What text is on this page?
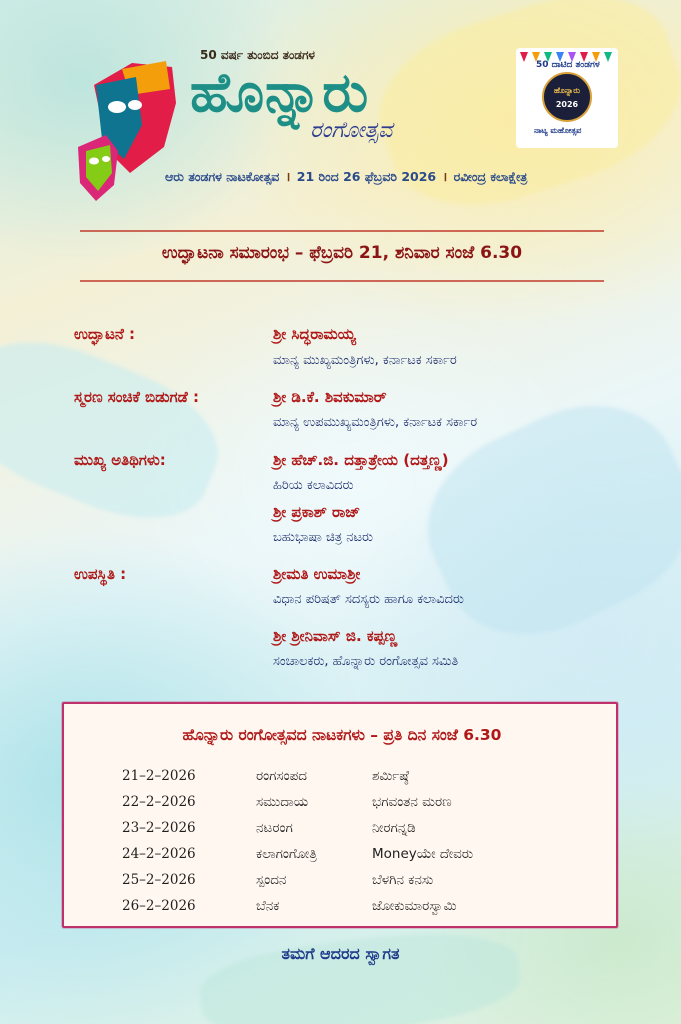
50 ವರ್ಷ ತುಂಬಿದ ತಂಡಗಳ
ಹೊನ್ನಾರು
ರಂಗೋತ್ಸವ
ಆರು ತಂಡಗಳ ನಾಟಕೋತ್ಸವ । 21 ರಿಂದ 26 ಫೆಬ್ರವರಿ 2026 । ರವೀಂದ್ರ ಕಲಾಕ್ಷೇತ್ರ
50 ದಾಟಿದ ತಂಡಗಳ
ಹೊನ್ನಾರು
2026
ನಾಟ್ಯ ಮಹೋತ್ಸವ
ಉದ್ಘಾಟನಾ ಸಮಾರಂಭ – ಫೆಬ್ರವರಿ 21, ಶನಿವಾರ ಸಂಜೆ 6.30
ಉದ್ಘಾಟನೆ :	ಶ್ರೀ ಸಿದ್ಧರಾಮಯ್ಯ
ಮಾನ್ಯ ಮುಖ್ಯಮಂತ್ರಿಗಳು, ಕರ್ನಾಟಕ ಸರ್ಕಾರ
ಸ್ಮರಣ ಸಂಚಿಕೆ ಬಿಡುಗಡೆ :	ಶ್ರೀ ಡಿ.ಕೆ. ಶಿವಕುಮಾರ್
ಮಾನ್ಯ ಉಪಮುಖ್ಯಮಂತ್ರಿಗಳು, ಕರ್ನಾಟಕ ಸರ್ಕಾರ
ಮುಖ್ಯ ಅತಿಥಿಗಳು:	ಶ್ರೀ ಹೆಚ್.ಜಿ. ದತ್ತಾತ್ರೇಯ (ದತ್ತಣ್ಣ)
ಹಿರಿಯ ಕಲಾವಿದರು
ಶ್ರೀ ಪ್ರಕಾಶ್ ರಾಜ್
ಬಹುಭಾಷಾ ಚಿತ್ರ ನಟರು
ಉಪಸ್ಥಿತಿ :	ಶ್ರೀಮತಿ ಉಮಾಶ್ರೀ
ವಿಧಾನ ಪರಿಷತ್ ಸದಸ್ಯರು ಹಾಗೂ ಕಲಾವಿದರು
ಶ್ರೀ ಶ್ರೀನಿವಾಸ್ ಜಿ. ಕಪ್ಪಣ್ಣ
ಸಂಚಾಲಕರು, ಹೊನ್ನಾರು ರಂಗೋತ್ಸವ ಸಮಿತಿ
ಹೊನ್ನಾರು ರಂಗೋತ್ಸವದ ನಾಟಕಗಳು – ಪ್ರತಿ ದಿನ ಸಂಜೆ 6.30
21–2–2026	ರಂಗಸಂಪದ	ಶರ್ಮಿಷ್ಠೆ
22–2–2026	ಸಮುದಾಯ	ಭಗವಂತನ ಮರಣ
23–2–2026	ನಟರಂಗ	ನೀರಗನ್ನಡಿ
24–2–2026	ಕಲಾಗಂಗೋತ್ರಿ	Moneyಯೇ ದೇವರು
25–2–2026	ಸ್ಪಂದನ	ಬೆಳಗಿನ ಕನಸು
26–2–2026	ಬೆನಕ	ಜೋಕುಮಾರಸ್ವಾಮಿ
ತಮಗೆ ಆದರದ ಸ್ವಾಗತ
